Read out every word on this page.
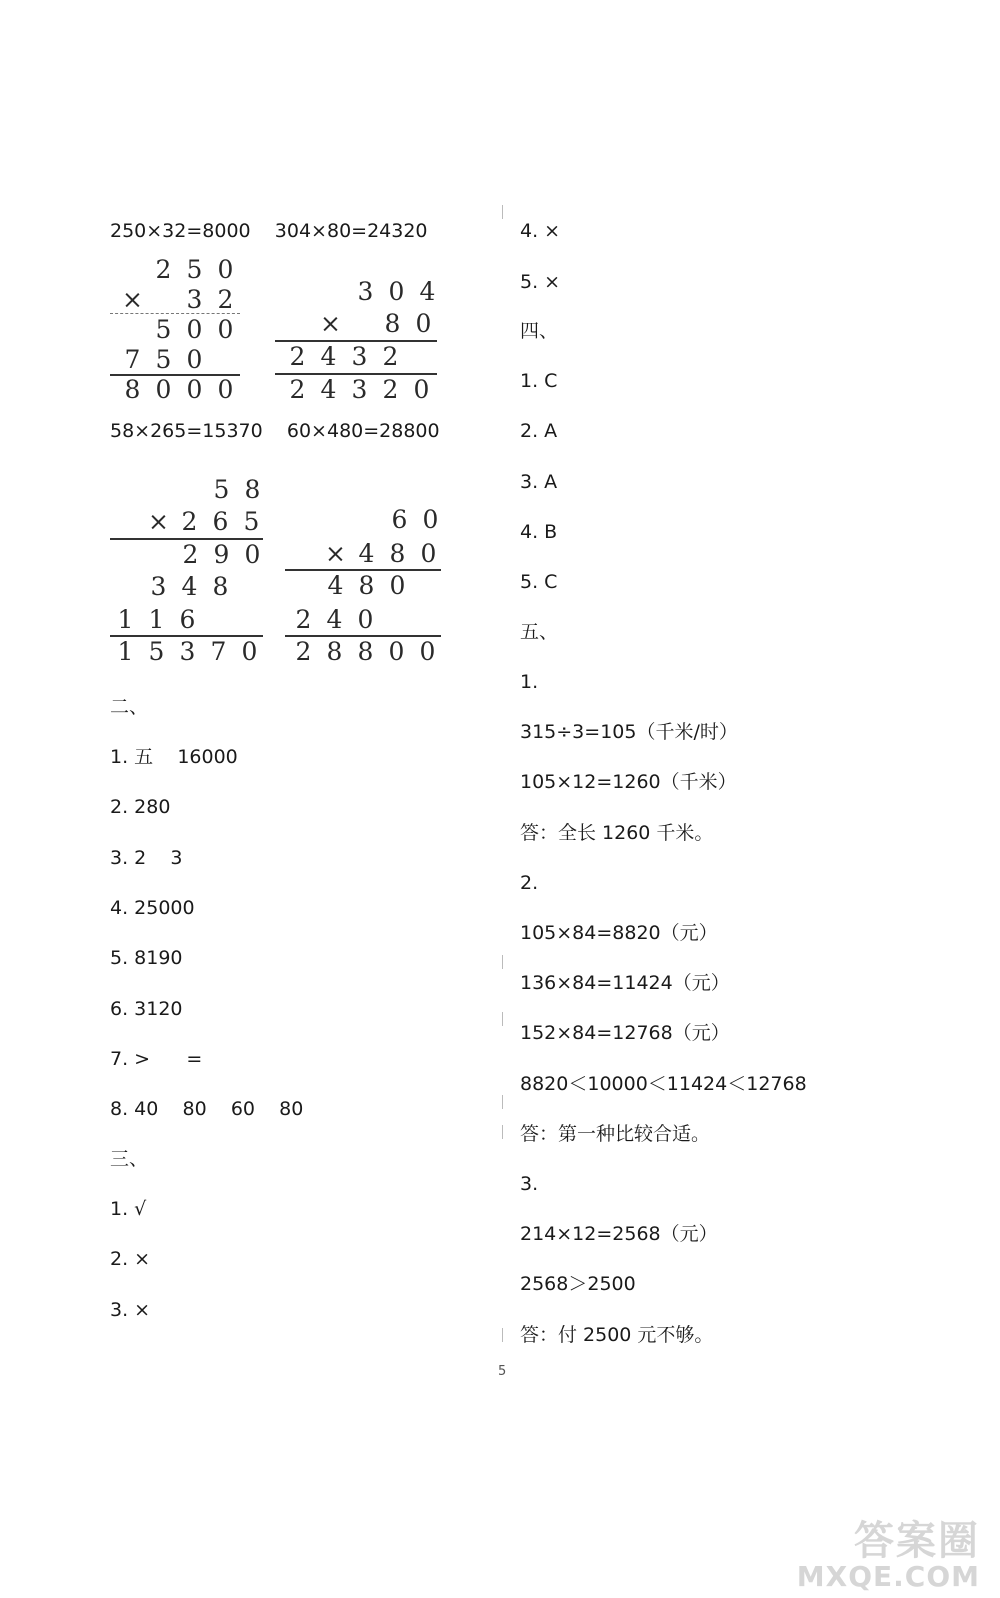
250×32=8000    304×80=24320
2 5 0
×	3 2
5 0 0
7 5 0
8 0 0 0
3 0 4
×	8 0
2 4 3 2
2 4 3 2 0
58×265=15370    60×480=28800
5 8
× 2 6 5
2 9 0
3 4 8
1 1 6
1 5 3 7 0
6 0
× 4 8 0
4 8 0
2 4 0
2 8 8 0 0
二、
1. 五    16000
2. 280
3. 2    3
4. 25000
5. 8190
6. 3120
7. >      =
8. 40    80    60    80
三、
1. √
2. ×
3. ×
4. ×
5. ×
四、
1. C
2. A
3. A
4. B
5. C
五、
1.
315÷3=105（千米/时）
105×12=1260（千米）
答：全长 1260 千米。
2.
105×84=8820（元）
136×84=11424（元）
152×84=12768（元）
8820＜10000＜11424＜12768
答：第一种比较合适。
3.
214×12=2568（元）
2568＞2500
答：付 2500 元不够。
5
答案圈
MXQE.COM
